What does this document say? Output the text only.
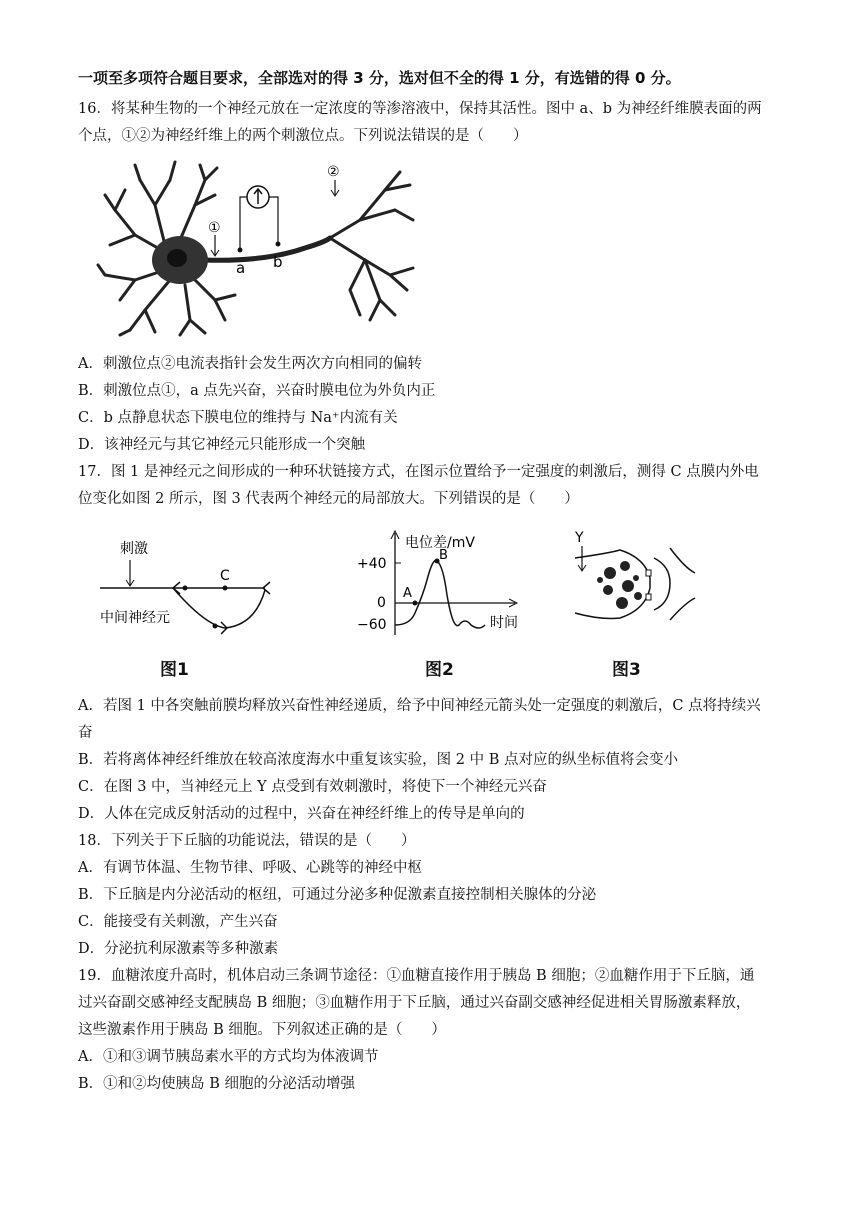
一项至多项符合题目要求，全部选对的得 3 分，选对但不全的得 1 分，有选错的得 0 分。
16．将某种生物的一个神经元放在一定浓度的等渗溶液中，保持其活性。图中 a、b 为神经纤维膜表面的两
个点，①②为神经纤维上的两个刺激位点。下列说法错误的是（　　）
①
②
a b
A．刺激位点②电流表指针会发生两次方向相同的偏转
B．刺激位点①，a 点先兴奋，兴奋时膜电位为外负内正
C．b 点静息状态下膜电位的维持与 Na⁺内流有关
D．该神经元与其它神经元只能形成一个突触
17．图 1 是神经元之间形成的一种环状链接方式，在图示位置给予一定强度的刺激后，测得 C 点膜内外电
位变化如图 2 所示，图 3 代表两个神经元的局部放大。下列错误的是（　　）
刺激
C
中间神经元
图1
电位差/mV
+40
0
−60
A
B
时间
图2
Y
图3
A．若图 1 中各突触前膜均释放兴奋性神经递质，给予中间神经元箭头处一定强度的刺激后，C 点将持续兴
奋
B．若将离体神经纤维放在较高浓度海水中重复该实验，图 2 中 B 点对应的纵坐标值将会变小
C．在图 3 中，当神经元上 Y 点受到有效刺激时，将使下一个神经元兴奋
D．人体在完成反射活动的过程中，兴奋在神经纤维上的传导是单向的
18．下列关于下丘脑的功能说法，错误的是（　　）
A．有调节体温、生物节律、呼吸、心跳等的神经中枢
B．下丘脑是内分泌活动的枢纽，可通过分泌多种促激素直接控制相关腺体的分泌
C．能接受有关刺激，产生兴奋
D．分泌抗利尿激素等多种激素
19．血糖浓度升高时，机体启动三条调节途径：①血糖直接作用于胰岛 B 细胞；②血糖作用于下丘脑，通
过兴奋副交感神经支配胰岛 B 细胞；③血糖作用于下丘脑，通过兴奋副交感神经促进相关胃肠激素释放，
这些激素作用于胰岛 B 细胞。下列叙述正确的是（　　）
A．①和③调节胰岛素水平的方式均为体液调节
B．①和②均使胰岛 B 细胞的分泌活动增强
